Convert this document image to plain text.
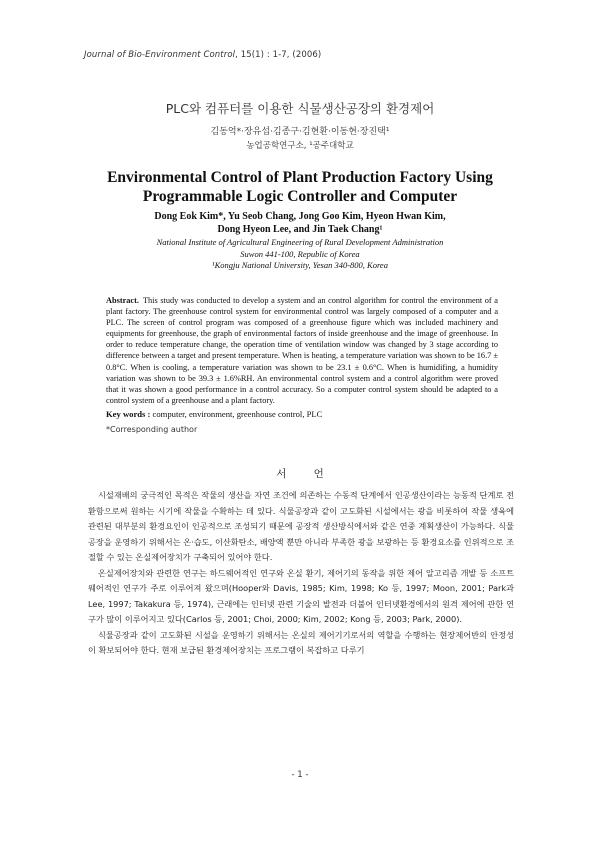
Journal of Bio-Environment Control, 15(1) : 1-7, (2006)
PLC와 컴퓨터를 이용한 식물생산공장의 환경제어
김동억*·장유섭·김종구·김현환·이동현·장진택¹
농업공학연구소, ¹공주대학교
Environmental Control of Plant Production Factory Using
Programmable Logic Controller and Computer
Dong Eok Kim*, Yu Seob Chang, Jong Goo Kim, Hyeon Hwan Kim,
Dong Hyeon Lee, and Jin Taek Chang¹
National Institute of Agricultural Engineering of Rural Development Administration
Suwon 441-100, Republic of Korea
¹Kongju National University, Yesan 340-800, Korea
Abstract. This study was conducted to develop a system and an control algorithm for control the environment of a plant factory. The greenhouse control system for environmental control was largely composed of a computer and a PLC. The screen of control program was composed of a greenhouse figure which was included machinery and equipments for greenhouse, the graph of environmental factors of inside greenhouse and the image of greenhouse. In order to reduce temperature change, the operation time of ventilation window was changed by 3 stage according to difference between a target and present temperature. When is heating, a temperature variation was shown to be 16.7 ± 0.8°C. When is cooling, a temperature variation was shown to be 23.1 ± 0.6°C. When is humidifing, a humidity variation was shown to be 39.3 ± 1.6%RH. An environmental control system and a control algorithm were proved that it was shown a good performance in a control accuracy. So a computer control system should be adapted to a control system of a greenhouse and a plant factory.
Key words : computer, environment, greenhouse control, PLC
*Corresponding author
서 언

시설재배의 궁극적인 목적은 작물의 생산을 자연 조건에 의존하는 수동적 단계에서 인공생산이라는 능동적 단계로 전환함으로써 원하는 시기에 작물을 수확하는 데 있다. 식물공장과 같이 고도화된 시설에서는 광을 비롯하여 작물 생육에 관련된 대부분의 환경요인이 인공적으로 조성되기 때문에 공장적 생산방식에서와 같은 연중 계획생산이 가능하다. 식물공장을 운영하기 위해서는 온·습도, 이산화탄소, 배양액 뿐만 아니라 부족한 광을 보광하는 등 환경요소를 인위적으로 조절할 수 있는 온실제어장치가 구축되어 있어야 한다.

온실제어장치와 관련한 연구는 하드웨어적인 연구와 온실 환기, 제어기의 동작을 위한 제어 알고리즘 개발 등 소프트웨어적인 연구가 주로 이루어져 왔으며(Hooper와 Davis, 1985; Kim, 1998; Ko 등, 1997; Moon, 2001; Park과 Lee, 1997; Takakura 등, 1974), 근래에는 인터넷 관련 기술의 발전과 더불어 인터넷환경에서의 원격 제어에 관한 연구가 많이 이루어지고 있다(Carlos 등, 2001; Choi, 2000; Kim, 2002; Kong 등, 2003; Park, 2000).

식물공장과 같이 고도화된 시설을 운영하기 위해서는 온실의 제어기기로서의 역할을 수행하는 현장제어반의 안정성이 확보되어야 한다. 현재 보급된 환경제어장치는 프로그램이 복잡하고 다루기

- 1 -
